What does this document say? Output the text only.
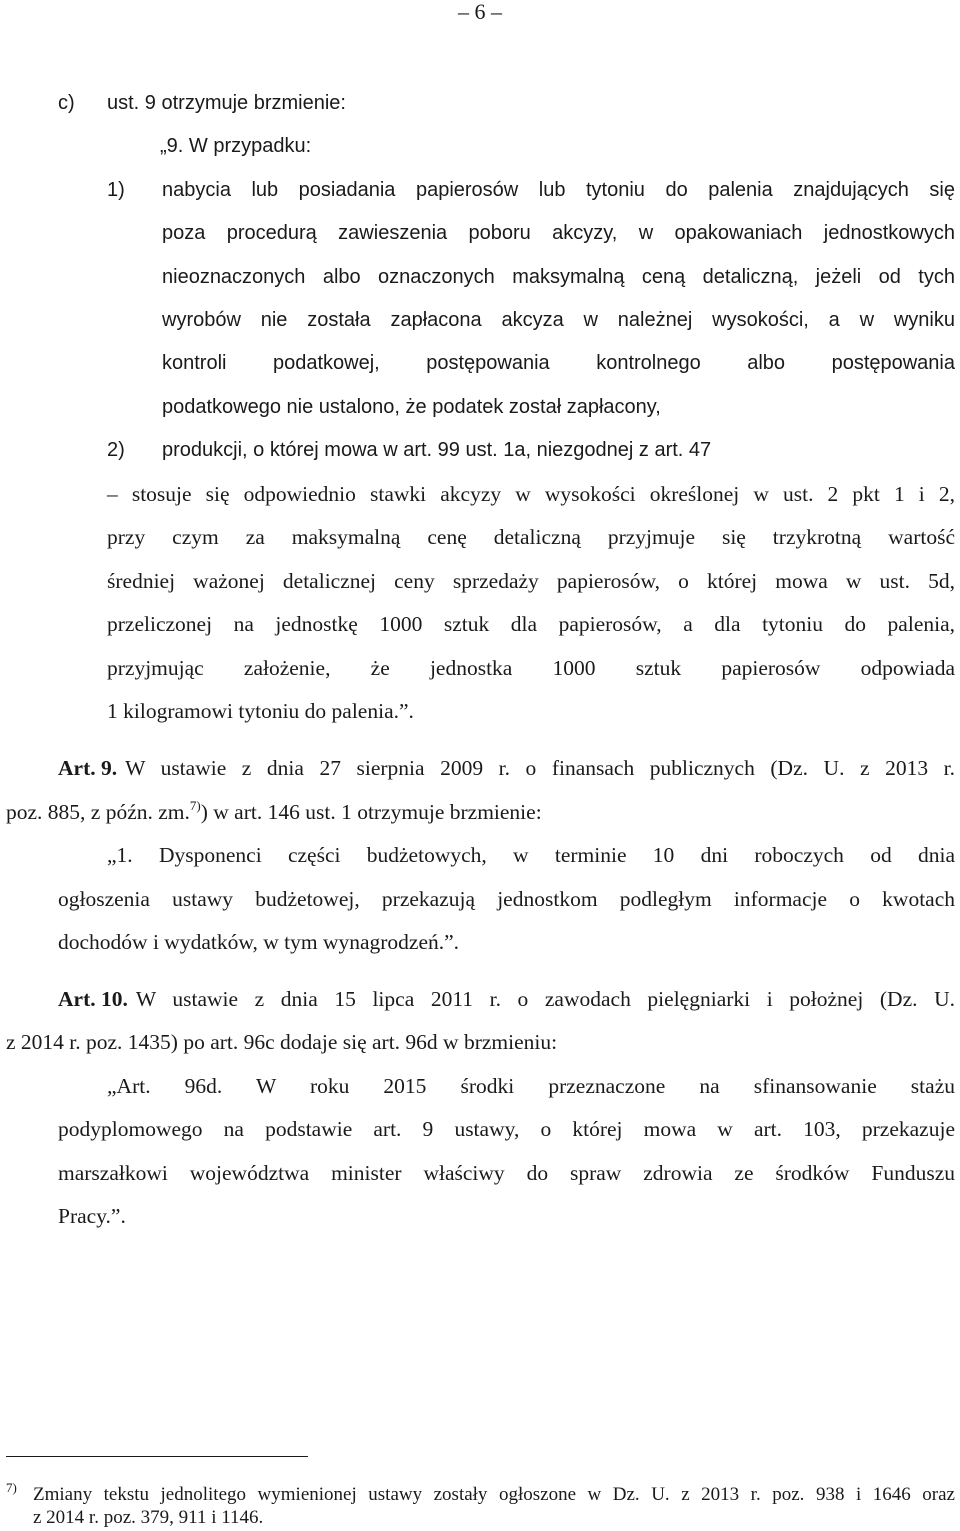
– 6 –
c) ust. 9 otrzymuje brzmienie:
„9. W przypadku:
1) nabycia lub posiadania papierosów lub tytoniu do palenia znajdujących się
poza procedurą zawieszenia poboru akcyzy, w opakowaniach jednostkowych
nieoznaczonych albo oznaczonych maksymalną ceną detaliczną, jeżeli od tych
wyrobów nie została zapłacona akcyza w należnej wysokości, a w wyniku
kontroli podatkowej, postępowania kontrolnego albo postępowania
podatkowego nie ustalono, że podatek został zapłacony,
2) produkcji, o której mowa w art. 99 ust. 1a, niezgodnej z art. 47
– stosuje się odpowiednio stawki akcyzy w wysokości określonej w ust. 2 pkt 1 i 2,
przy czym za maksymalną cenę detaliczną przyjmuje się trzykrotną wartość
średniej ważonej detalicznej ceny sprzedaży papierosów, o której mowa w ust. 5d,
przeliczonej na jednostkę 1000 sztuk dla papierosów, a dla tytoniu do palenia,
przyjmując założenie, że jednostka 1000 sztuk papierosów odpowiada
1 kilogramowi tytoniu do palenia.”.
Art. 9. W ustawie z dnia 27 sierpnia 2009 r. o finansach publicznych (Dz. U. z 2013 r.
poz. 885, z późn. zm.$^{7)}$) w art. 146 ust. 1 otrzymuje brzmienie:
„1. Dysponenci części budżetowych, w terminie 10 dni roboczych od dnia
ogłoszenia ustawy budżetowej, przekazują jednostkom podległym informacje o kwotach
dochodów i wydatków, w tym wynagrodzeń.”.
Art. 10. W ustawie z dnia 15 lipca 2011 r. o zawodach pielęgniarki i położnej (Dz. U.
z 2014 r. poz. 1435) po art. 96c dodaje się art. 96d w brzmieniu:
„Art. 96d. W roku 2015 środki przeznaczone na sfinansowanie stażu
podyplomowego na podstawie art. 9 ustawy, o której mowa w art. 103, przekazuje
marszałkowi województwa minister właściwy do spraw zdrowia ze środków Funduszu
Pracy.”.
7) Zmiany tekstu jednolitego wymienionej ustawy zostały ogłoszone w Dz. U. z 2013 r. poz. 938 i 1646 oraz
z 2014 r. poz. 379, 911 i 1146.
